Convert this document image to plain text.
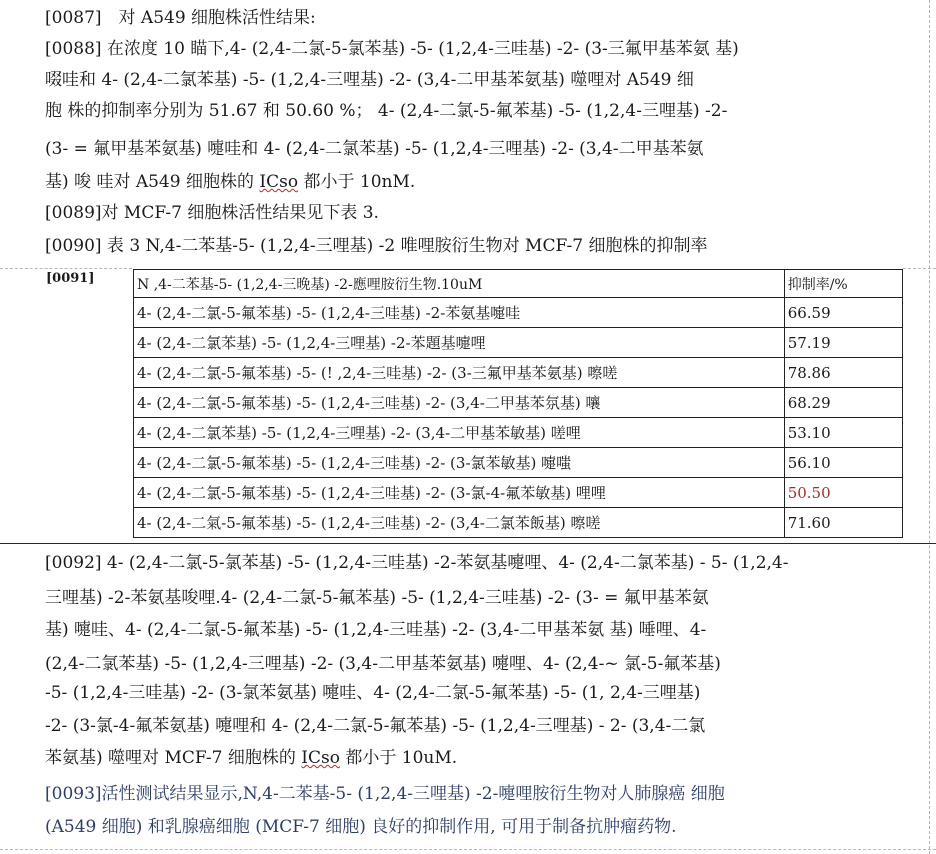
[0087]　对 A549 细胞株活性结果:
[0088] 在浓度 10 瞄下,4- (2,4-二氯-5-氯苯基) -5- (1,2,4-三哇基) -2- (3-三氟甲基苯氨 基)
啜哇和 4- (2,4-二氯苯基) -5- (1,2,4-三哩基) -2- (3,4-二甲基苯氨基) 噬哩对 A549 细
胞 株的抑制率分别为 51.67 和 50.60 %； 4- (2,4-二氯-5-氟苯基) -5- (1,2,4-三哩基) -2-
(3- = 氟甲基苯氨基) 嚏哇和 4- (2,4-二氯苯基) -5- (1,2,4-三哩基) -2- (3,4-二甲基苯氨
基) 唆 哇对 A549 细胞株的 ICso 都小于 10nM.
[0089]对 MCF-7 细胞株活性结果见下表 3.
[0090] 表 3 N,4-二苯基-5- (1,2,4-三哩基) -2 唯哩胺衍生物对 MCF-7 细胞株的抑制率
[0091]	N ,4-二苯基-5- (1,2,4-三晚基) -2-應哩胺衍生物.10uM	抑制率/%
4- (2,4-二氯-5-氟苯基) -5- (1,2,4-三哇基) -2-苯氨基嚏哇	66.59
4- (2,4-二氯苯基) -5- (1,2,4-三哩基) -2-苯題基嚏哩	57.19
4- (2,4-二氯-5-氟苯基) -5- (! ,2,4-三哇基) -2- (3-三氟甲基苯氨基) 嚓嗟	78.86
4- (2,4-二氯-5-氟苯基) -5- (1,2,4-三哇基) -2- (3,4-二甲基苯氛基) 嚷	68.29
4- (2,4-二氯苯基) -5- (1,2,4-三哩基) -2- (3,4-二甲基苯敏基) 嗟哩	53.10
4- (2,4-二氯-5-氟苯基) -5- (1,2,4-三哇基) -2- (3-氯苯敏基) 嚏嗤	56.10
4- (2,4-二氯-5-氟苯基) -5- (1,2,4-三哇基) -2- (3-氯-4-氟苯敏基) 哩哩	50.50
4- (2,4-二氣-5-氟苯基) -5- (1,2,4-三哇基) -2- (3,4-二氯苯飯基) 嚓嗟	71.60
[0092] 4- (2,4-二氯-5-氯苯基) -5- (1,2,4-三哇基) -2-苯氨基嚏哩、4- (2,4-二氯苯基) - 5- (1,2,4-
三哩基) -2-苯氨基唆哩.4- (2,4-二氯-5-氟苯基) -5- (1,2,4-三哇基) -2- (3- = 氟甲基苯氨
基) 嚏哇、4- (2,4-二氯-5-氟苯基) -5- (1,2,4-三哇基) -2- (3,4-二甲基苯氨 基) 唾哩、4-
(2,4-二氯苯基) -5- (1,2,4-三哩基) -2- (3,4-二甲基苯氨基) 嚏哩、4- (2,4-~ 氯-5-氟苯基)
-5- (1,2,4-三哇基) -2- (3-氯苯氨基) 嚏哇、4- (2,4-二氯-5-氟苯基) -5- (1, 2,4-三哩基)
-2- (3-氯-4-氟苯氨基) 嚏哩和 4- (2,4-二氯-5-氟苯基) -5- (1,2,4-三哩基) - 2- (3,4-二氯
苯氨基) 噬哩对 MCF-7 细胞株的 ICso 都小于 10uM.
[0093]活性测试结果显示,N,4-二苯基-5- (1,2,4-三哩基) -2-嚏哩胺衍生物对人肺腺癌 细胞
(A549 细胞) 和乳腺癌细胞 (MCF-7 细胞) 良好的抑制作用, 可用于制备抗肿瘤药物.
